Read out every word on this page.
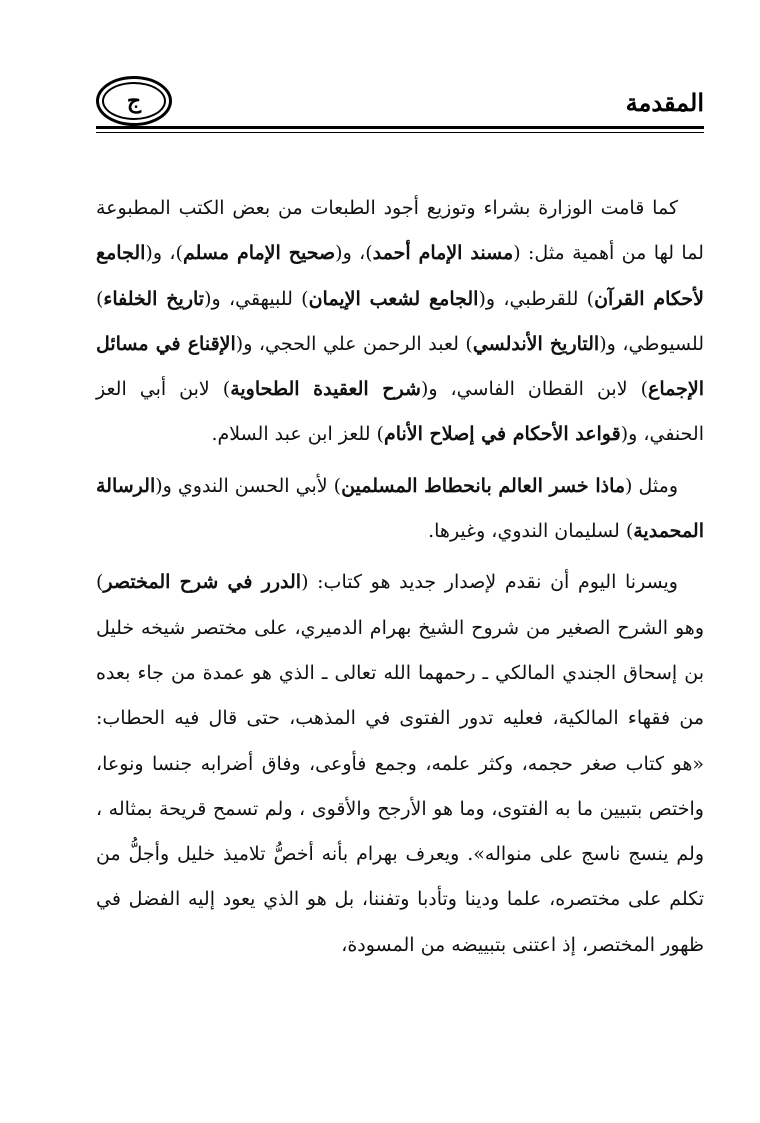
المقدمة
ج

كما قامت الوزارة بشراء وتوزيع أجود الطبعات من بعض الكتب المطبوعة لما لها من أهمية مثل: (مسند الإمام أحمد)، و(صحيح الإمام مسلم)، و(الجامع لأحكام القرآن) للقرطبي، و(الجامع لشعب الإيمان) للبيهقي، و(تاريخ الخلفاء) للسيوطي، و(التاريخ الأندلسي) لعبد الرحمن علي الحجي، و(الإقناع في مسائل الإجماع) لابن القطان الفاسي، و(شرح العقيدة الطحاوية) لابن أبي العز الحنفي، و(قواعد الأحكام في إصلاح الأنام) للعز ابن عبد السلام.

ومثل (ماذا خسر العالم بانحطاط المسلمين) لأبي الحسن الندوي و(الرسالة المحمدية) لسليمان الندوي، وغيرها.

ويسرنا اليوم أن نقدم لإصدار جديد هو كتاب: (الدرر في شرح المختصر) وهو الشرح الصغير من شروح الشيخ بهرام الدميري، على مختصر شيخه خليل بن إسحاق الجندي المالكي ـ رحمهما الله تعالى ـ الذي هو عمدة من جاء بعده من فقهاء المالكية، فعليه تدور الفتوى في المذهب، حتى قال فيه الحطاب: «هو كتاب صغر حجمه، وكثر علمه، وجمع فأوعى، وفاق أضرابه جنسا ونوعا، واختص بتبيين ما به الفتوى، وما هو الأرجح والأقوى ، ولم تسمح قريحة بمثاله ، ولم ينسج ناسج على منواله». ويعرف بهرام بأنه أخصُّ تلاميذ خليل وأجلُّ من تكلم على مختصره، علما ودينا وتأدبا وتفننا، بل هو الذي يعود إليه الفضل في ظهور المختصر، إذ اعتنى بتبييضه من المسودة،
